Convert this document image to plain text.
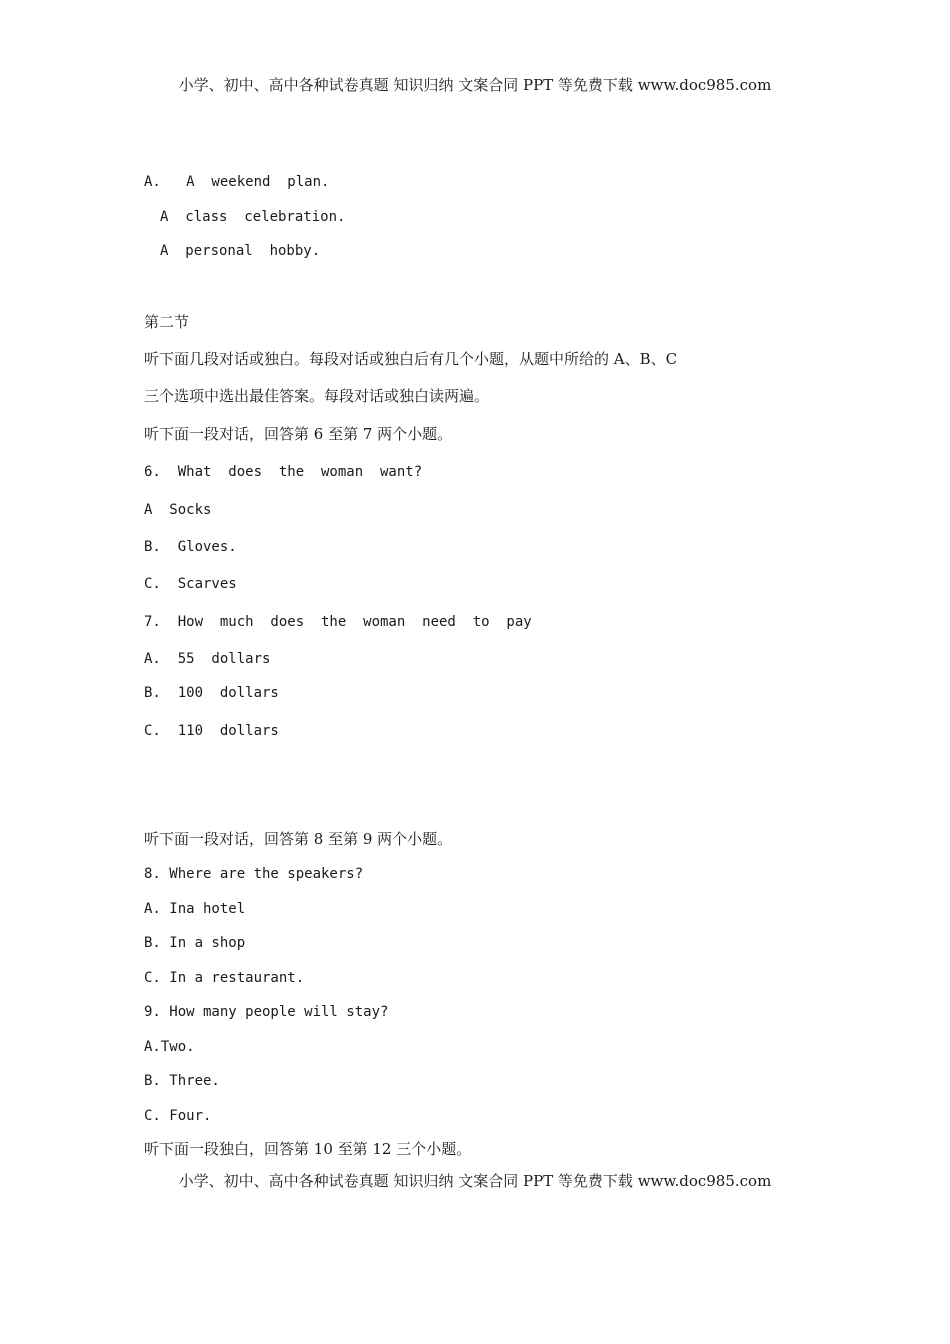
小学、初中、高中各种试卷真题 知识归纳 文案合同 PPT 等免费下载 www.doc985.com
A.   A  weekend  plan.
A  class  celebration.
A  personal  hobby.
第二节
听下面几段对话或独白。每段对话或独白后有几个小题，从题中所给的 A、B、C
三个选项中选出最佳答案。每段对话或独白读两遍。
听下面一段对话，回答第 6 至第 7 两个小题。
6.  What  does  the  woman  want?
A  Socks
B.  Gloves.
C.  Scarves
7.  How  much  does  the  woman  need  to  pay
A.  55  dollars
B.  100  dollars
C.  110  dollars
听下面一段对话，回答第 8 至第 9 两个小题。
8. Where are the speakers?
A. Ina hotel
B. In a shop
C. In a restaurant.
9. How many people will stay?
A.Two.
B. Three.
C. Four.
听下面一段独白，回答第 10 至第 12 三个小题。
小学、初中、高中各种试卷真题 知识归纳 文案合同 PPT 等免费下载 www.doc985.com
